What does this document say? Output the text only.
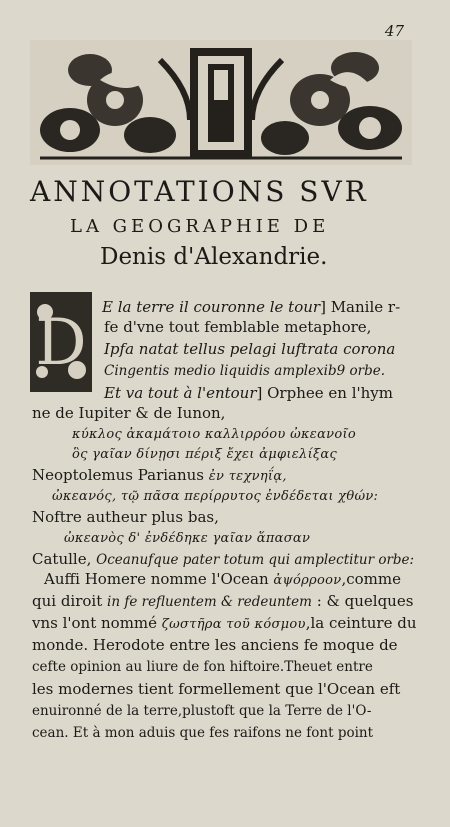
47
ANNOTATIONS SVR
LA GEOGRAPHIE DE
Denis d'Alexandrie.
D E la terre il couronne le tour] Manile r-
fe d'vne tout femblable metaphore,
Ipfa natat tellus pelagi luftrata corona
Cingentis medio liquidis amplexib9 orbe.
Et va tout à l'entour] Orphee en l'hym
ne de Iupiter & de Iunon,
κύκλος ἀκαμάτοιο καλλιρρόου ὠκεανοῖο
ὃς γαῖαν δίνῃσι πέριξ ἔχει ἀμφιελίξας
Neoptolemus Parianus ἐν τεχνηΐᾳ,
ὠκεανός, τῷ πᾶσα περίρρυτος ἐνδέδεται χθών:
Noftre autheur plus bas,
ὠκεανὸς δ' ἐνδέδηκε γαῖαν ἅπασαν
Catulle, Oceanufque pater totum qui amplectitur orbe:
Auffi Homere nomme l'Ocean ἀψόρροον,comme
qui diroit in fe refluentem & redeuntem : & quelques
vns l'ont nommé ζωστῆρα τοῦ κόσμου,la ceinture du
monde. Herodote entre les anciens fe moque de
cefte opinion au liure de fon hiftoire.Theuet entre
les modernes tient formellement que l'Ocean eft
enuironné de la terre,plustoft que la Terre de l'O-
cean. Et à mon aduis que fes raifons ne font point
